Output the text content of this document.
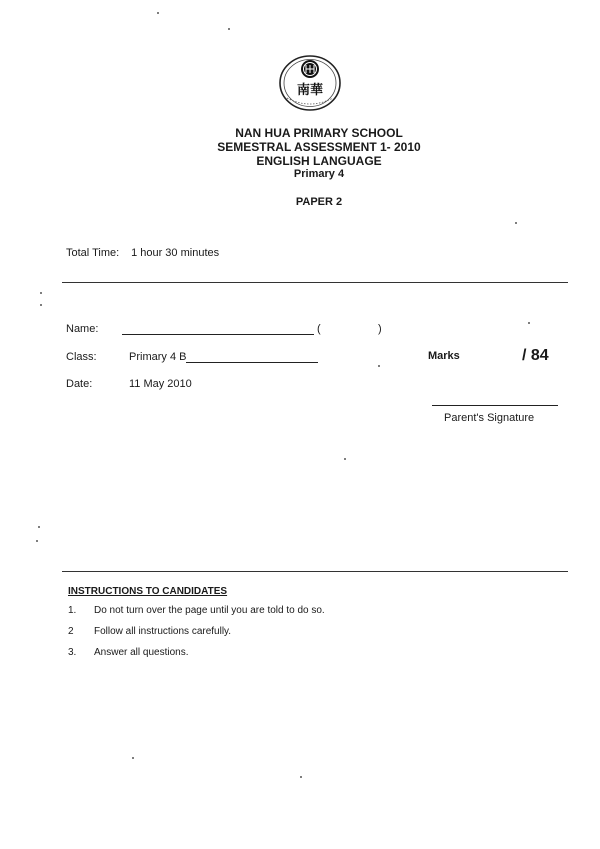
南華
NAN HUA PRIMARY SCHOOL
SEMESTRAL ASSESSMENT 1- 2010
ENGLISH LANGUAGE
Primary 4
PAPER 2
Total Time: 1 hour 30 minutes
Name:	(	)
Class:	Primary 4 B	Marks	/ 84
Date:	11 May 2010
Parent's Signature
INSTRUCTIONS TO CANDIDATES
1. Do not turn over the page until you are told to do so.
2 Follow all instructions carefully.
3. Answer all questions.
